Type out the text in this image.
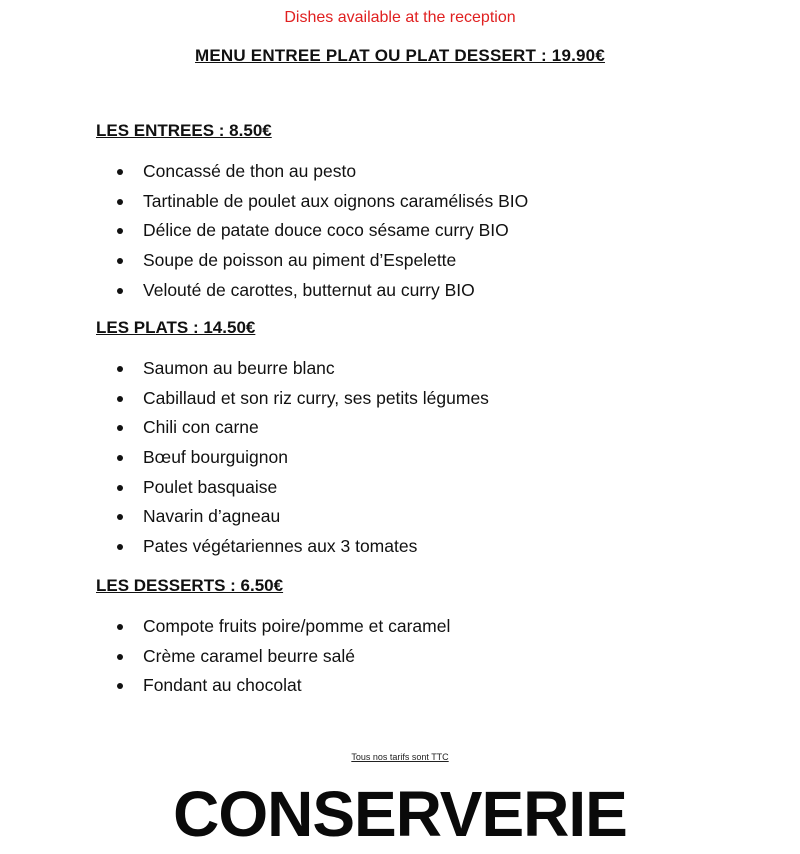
Dishes available at the reception
MENU ENTREE PLAT OU PLAT DESSERT : 19.90€
LES ENTREES : 8.50€
Concassé de thon au pesto
Tartinable de poulet aux oignons caramélisés BIO
Délice de patate douce coco sésame curry BIO
Soupe de poisson au piment d’Espelette
Velouté de carottes, butternut au curry BIO
LES PLATS : 14.50€
Saumon au beurre blanc
Cabillaud et son riz curry, ses petits légumes
Chili con carne
Bœuf bourguignon
Poulet basquaise
Navarin d’agneau
Pates végétariennes aux 3 tomates
LES DESSERTS : 6.50€
Compote fruits poire/pomme et caramel
Crème caramel beurre salé
Fondant au chocolat
Tous nos tarifs sont TTC
CONSERVERIE
